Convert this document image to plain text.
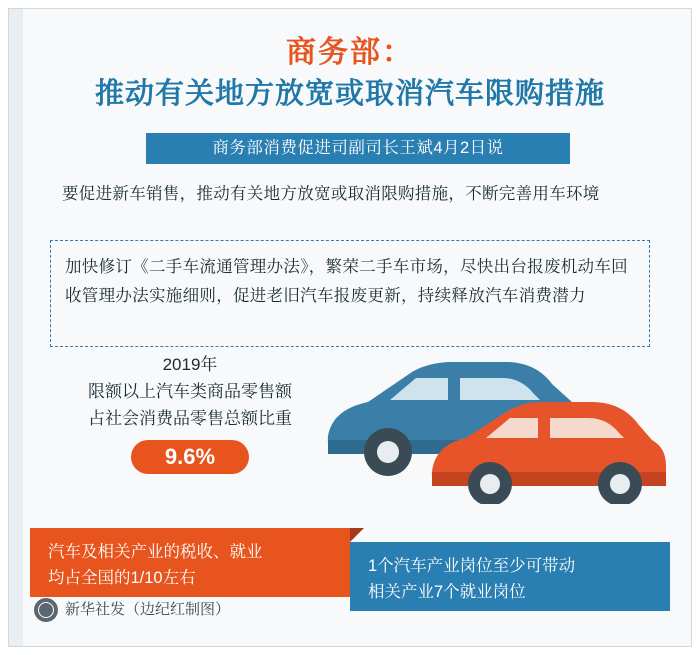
商务部：
推动有关地方放宽或取消汽车限购措施
商务部消费促进司副司长王斌4月2日说
要促进新车销售，推动有关地方放宽或取消限购措施，不断完善用车环境
加快修订《二手车流通管理办法》，繁荣二手车市场，尽快出台报废机动车回收管理办法实施细则，促进老旧汽车报废更新，持续释放汽车消费潜力
2019年
限额以上汽车类商品零售额
占社会消费品零售总额比重
9.6%
汽车及相关产业的税收、就业
均占全国的1/10左右
1个汽车产业岗位至少可带动
相关产业7个就业岗位
新华社发（边纪红制图）
